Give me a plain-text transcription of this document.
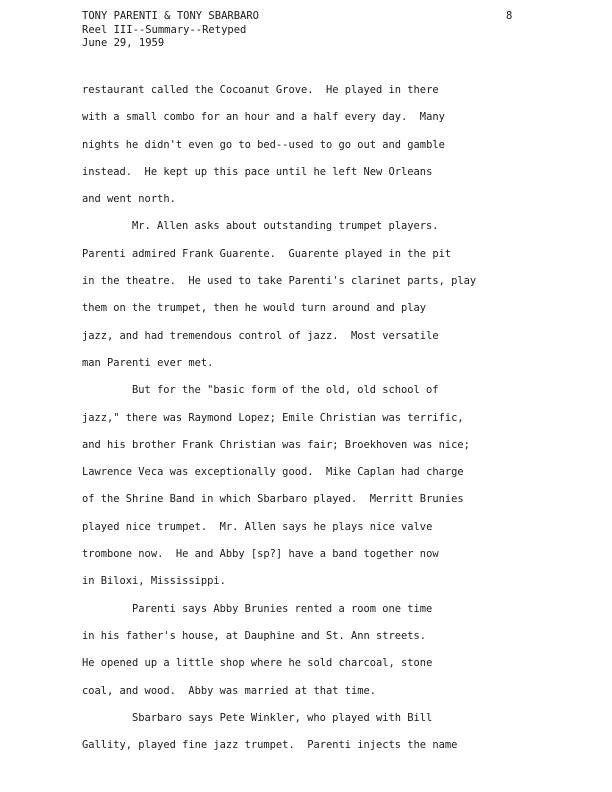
TONY PARENTI & TONY SBARBARO
Reel III--Summary--Retyped
June 29, 1959
8
restaurant called the Cocoanut Grove.  He played in there
with a small combo for an hour and a half every day.  Many
nights he didn't even go to bed--used to go out and gamble
instead.  He kept up this pace until he left New Orleans
and went north.
Mr. Allen asks about outstanding trumpet players.
Parenti admired Frank Guarente.  Guarente played in the pit
in the theatre.  He used to take Parenti's clarinet parts, play
them on the trumpet, then he would turn around and play
jazz, and had tremendous control of jazz.  Most versatile
man Parenti ever met.
But for the "basic form of the old, old school of
jazz," there was Raymond Lopez; Emile Christian was terrific,
and his brother Frank Christian was fair; Broekhoven was nice;
Lawrence Veca was exceptionally good.  Mike Caplan had charge
of the Shrine Band in which Sbarbaro played.  Merritt Brunies
played nice trumpet.  Mr. Allen says he plays nice valve
trombone now.  He and Abby [sp?] have a band together now
in Biloxi, Mississippi.
Parenti says Abby Brunies rented a room one time
in his father's house, at Dauphine and St. Ann streets.
He opened up a little shop where he sold charcoal, stone
coal, and wood.  Abby was married at that time.
Sbarbaro says Pete Winkler, who played with Bill
Gallity, played fine jazz trumpet.  Parenti injects the name
